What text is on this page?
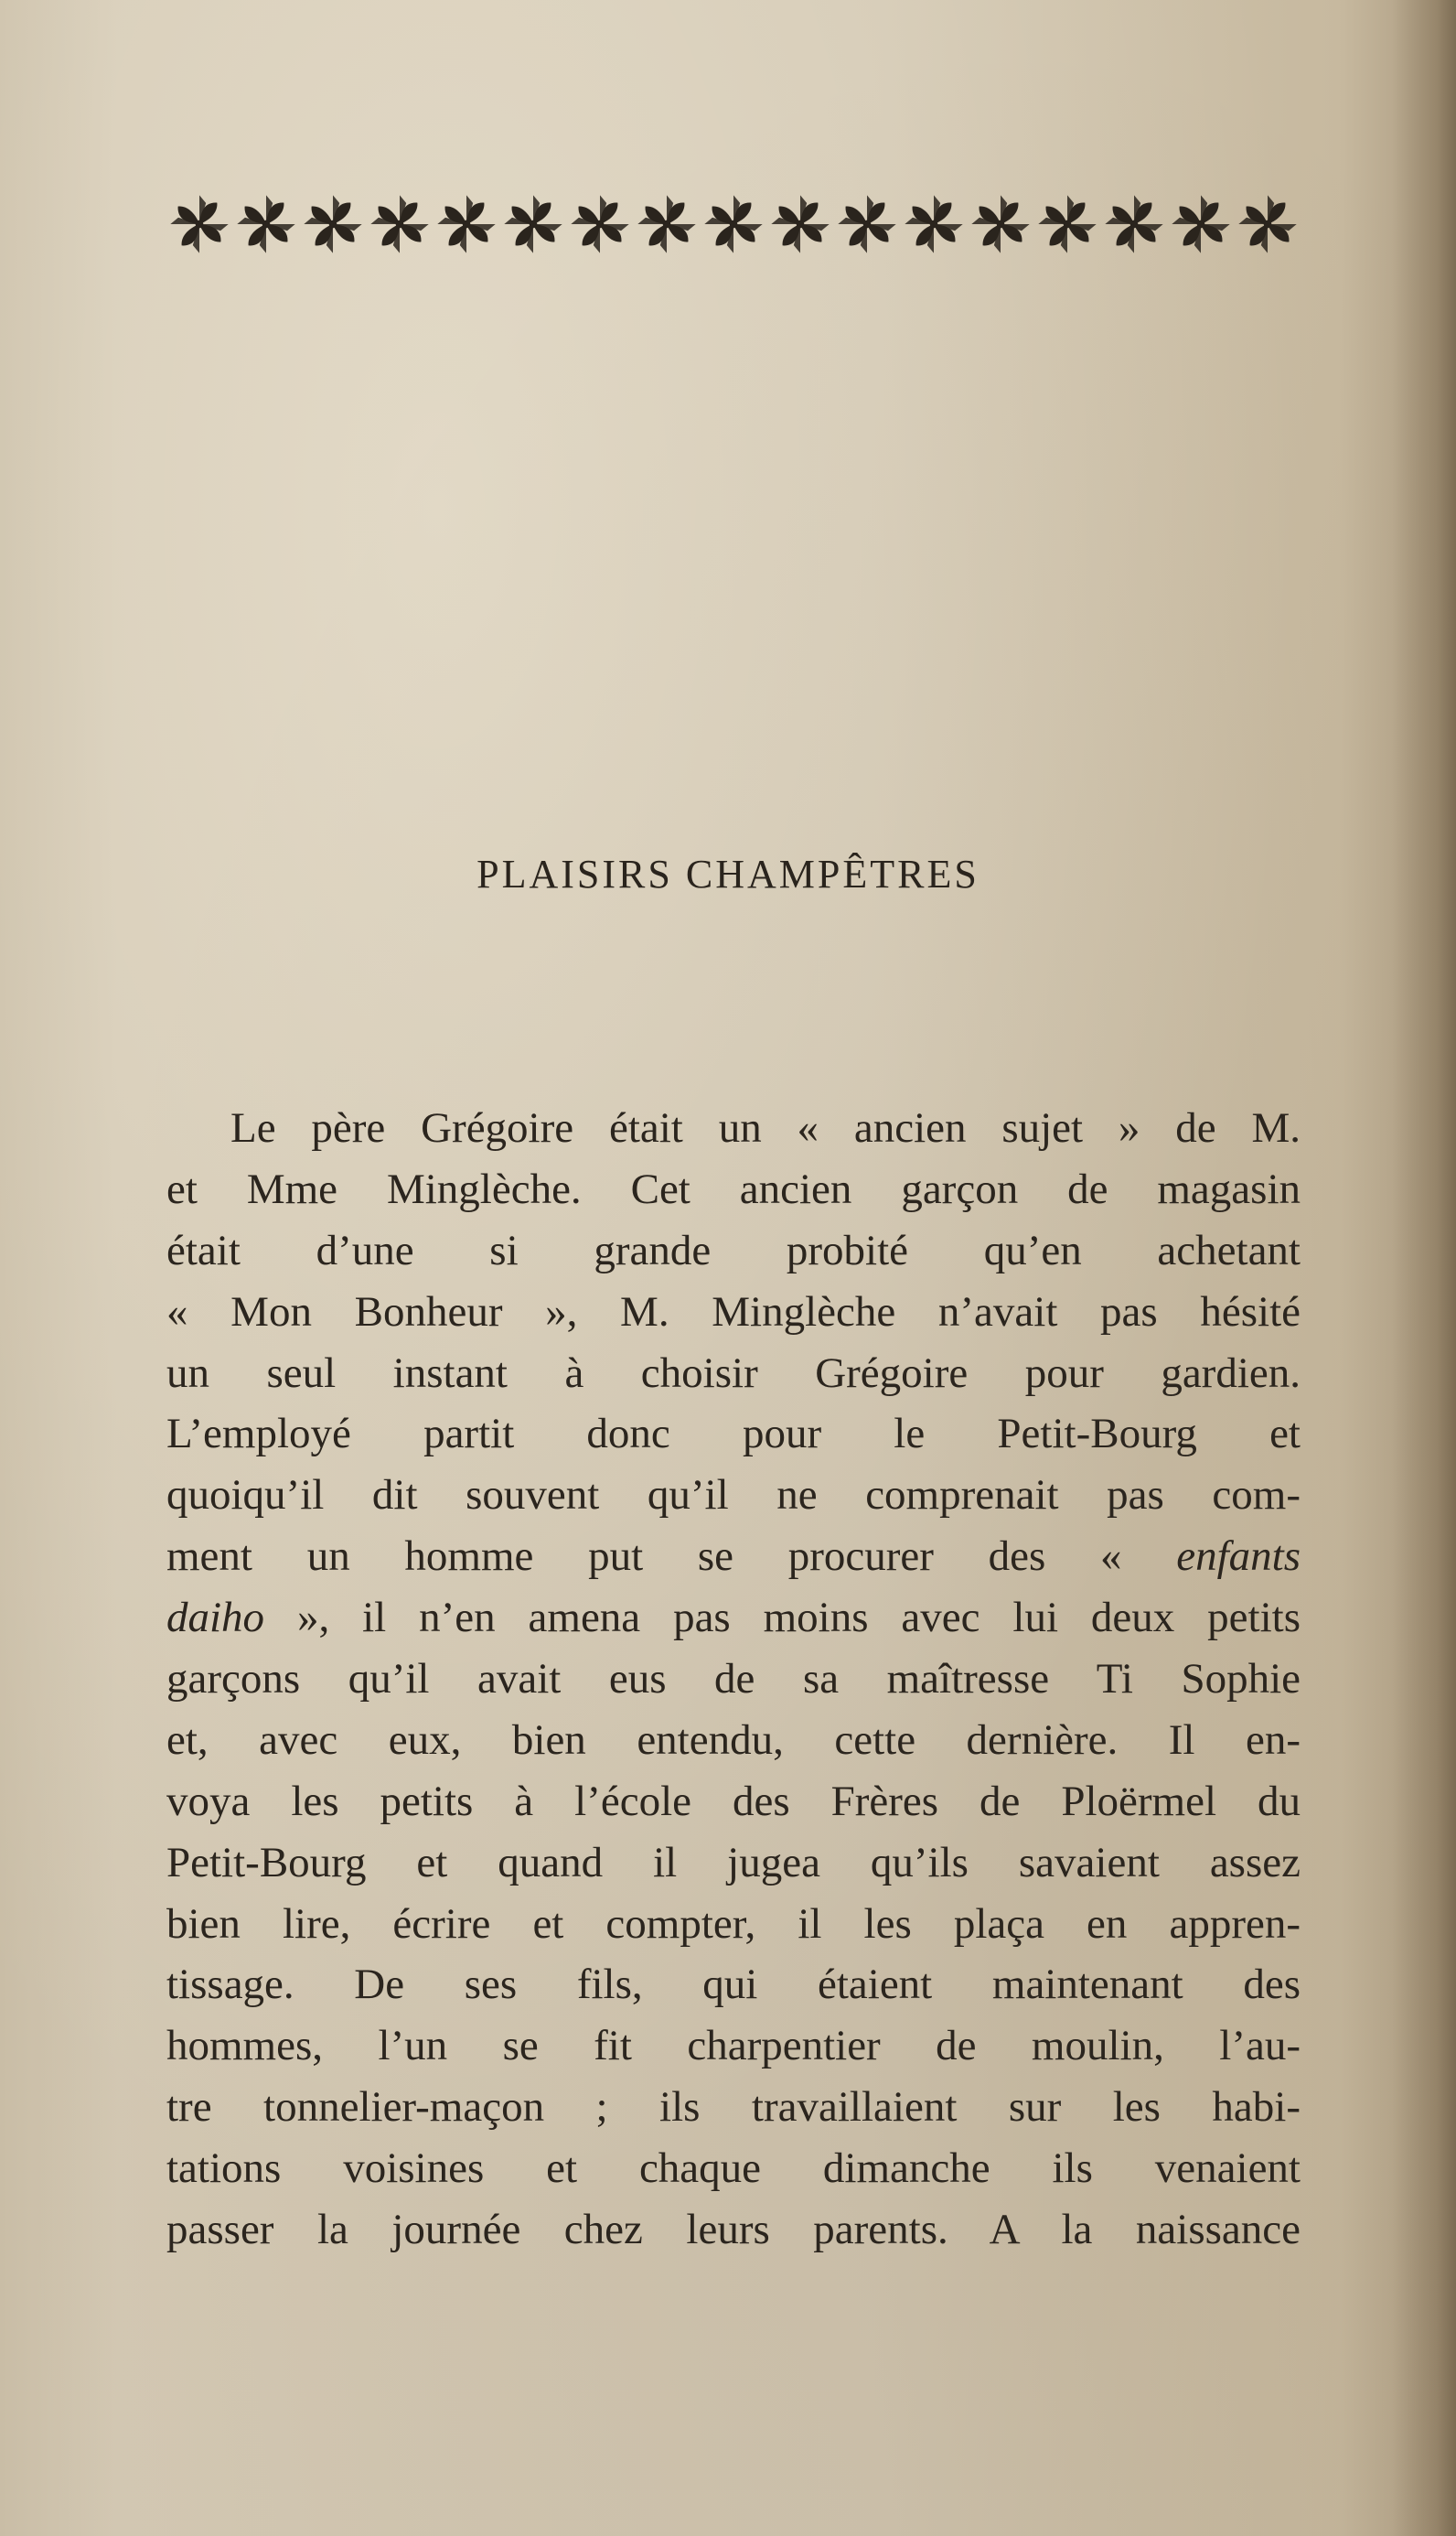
PLAISIRS CHAMPÊTRES
Le père Grégoire était un « ancien sujet » de M.
et Mme Minglèche. Cet ancien garçon de magasin
était d’une si grande probité qu’en achetant
« Mon Bonheur », M. Minglèche n’avait pas hésité
un seul instant à choisir Grégoire pour gardien.
L’employé partit donc pour le Petit-Bourg et
quoiqu’il dit souvent qu’il ne comprenait pas com-
ment un homme put se procurer des « enfants
daiho », il n’en amena pas moins avec lui deux petits
garçons qu’il avait eus de sa maîtresse Ti Sophie
et, avec eux, bien entendu, cette dernière. Il en-
voya les petits à l’école des Frères de Ploërmel du
Petit-Bourg et quand il jugea qu’ils savaient assez
bien lire, écrire et compter, il les plaça en appren-
tissage. De ses fils, qui étaient maintenant des
hommes, l’un se fit charpentier de moulin, l’au-
tre tonnelier-maçon ; ils travaillaient sur les habi-
tations voisines et chaque dimanche ils venaient
passer la journée chez leurs parents. A la naissance
